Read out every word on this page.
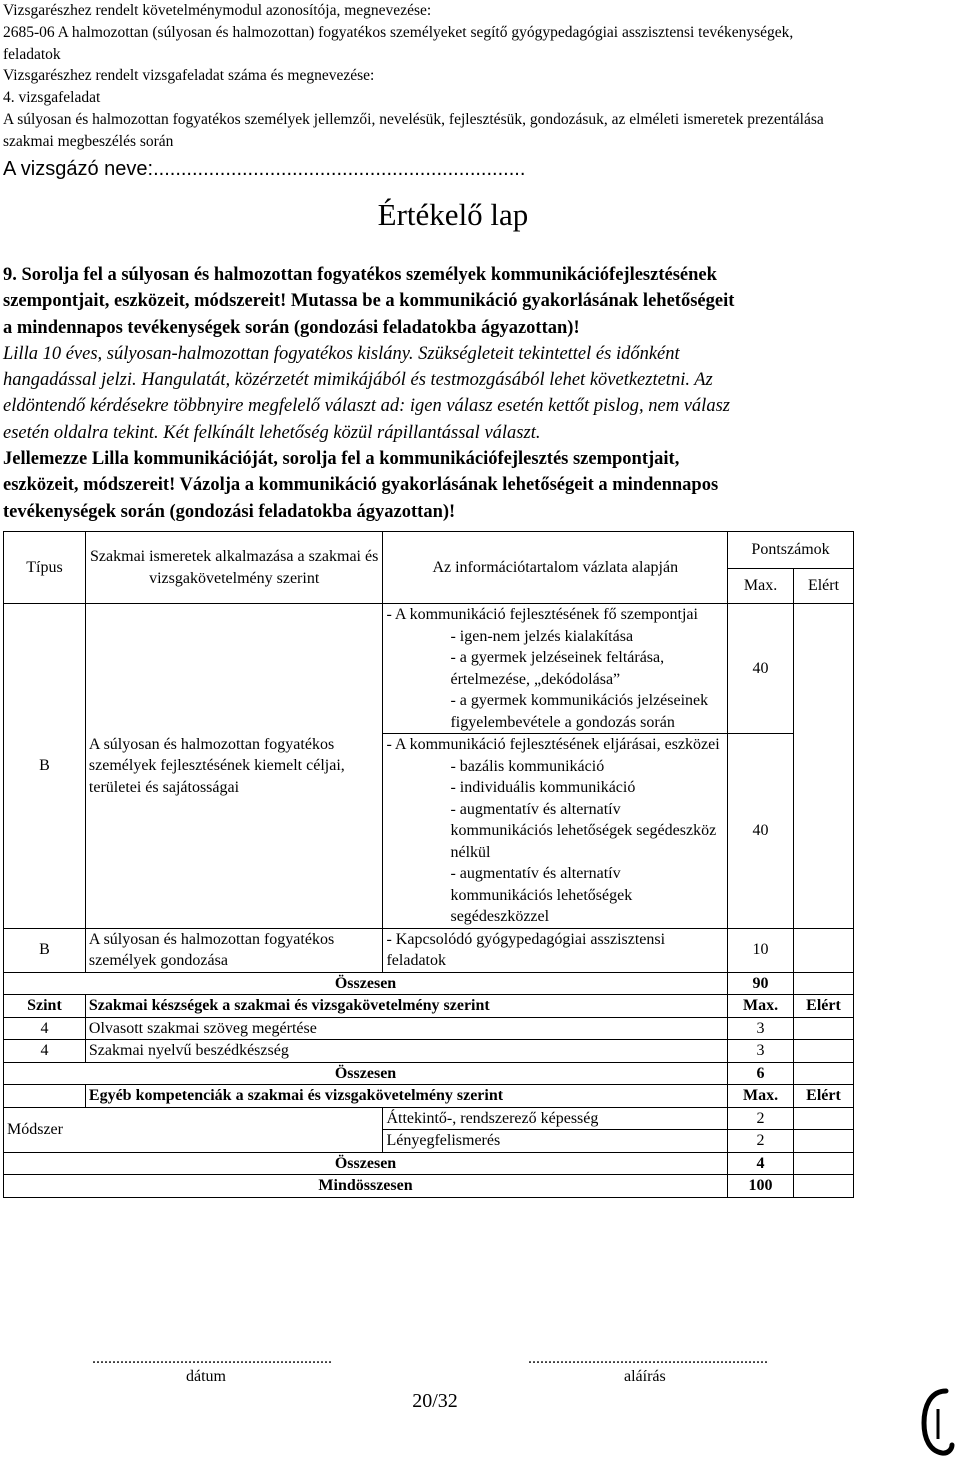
Vizsgarészhez rendelt követelménymodul azonosítója, megnevezése:
2685-06 A halmozottan (súlyosan és halmozottan) fogyatékos személyeket segítő gyógypedagógiai asszisztensi tevékenységek,
feladatok
Vizsgarészhez rendelt vizsgafeladat száma és megnevezése:
4. vizsgafeladat
A súlyosan és halmozottan fogyatékos személyek jellemzői, nevelésük, fejlesztésük, gondozásuk, az elméleti ismeretek prezentálása
szakmai megbeszélés során
A vizsgázó neve:...................................................................
Értékelő lap
9. Sorolja fel a súlyosan és halmozottan fogyatékos személyek kommunikációfejlesztésének
szempontjait, eszközeit, módszereit! Mutassa be a kommunikáció gyakorlásának lehetőségeit
a mindennapos tevékenységek során (gondozási feladatokba ágyazottan)!
Lilla 10 éves, súlyosan-halmozottan fogyatékos kislány. Szükségleteit tekintettel és időnként
hangadással jelzi. Hangulatát, közérzetét mimikájából és testmozgásából lehet következtetni. Az
eldöntendő kérdésekre többnyire megfelelő választ ad: igen válasz esetén kettőt pislog, nem válasz
esetén oldalra tekint. Két felkínált lehetőség közül rápillantással választ.
Jellemezze Lilla kommunikációját, sorolja fel a kommunikációfejlesztés szempontjait,
eszközeit, módszereit! Vázolja a kommunikáció gyakorlásának lehetőségeit a mindennapos
tevékenységek során (gondozási feladatokba ágyazottan)!
Típus	Szakmai ismeretek alkalmazása a szakmai és vizsgakövetelmény szerint	Az információtartalom vázlata alapján	Pontszámok	
			Max.	Elért
B	A súlyosan és halmozottan fogyatékos személyek fejlesztésének kiemelt céljai, területei és sajátosságai	- A kommunikáció fejlesztésének fő szempontjai
- igen-nem jelzés kialakítása
- a gyermek jelzéseinek feltárása, értelmezése, „dekódolása”
- a gyermek kommunikációs jelzéseinek figyelembevétele a gondozás során	40	

		- A kommunikáció fejlesztésének eljárásai, eszközei
- bazális kommunikáció
- individuális kommunikáció
- augmentatív és alternatív kommunikációs lehetőségek segédeszköz nélkül
- augmentatív és alternatív kommunikációs lehetőségek segédeszközzel	40	
B	A súlyosan és halmozottan fogyatékos személyek gondozása	- Kapcsolódó gyógypedagógiai asszisztensi feladatok	10	
Összesen			90	
Szint	Szakmai készségek a szakmai és vizsgakövetelmény szerint		Max.	Elért
4	Olvasott szakmai szöveg megértése		3	
4	Szakmai nyelvű beszédkészség		3	
Összesen			6	
	Egyéb kompetenciák a szakmai és vizsgakövetelmény szerint		Max.	Elért
Módszer		Áttekintő-, rendszerező képesség	2	
		Lényegfelismerés	2	
Összesen			4	
Mindösszesen			100	
............................................................
dátum
............................................................
aláírás
20/32
